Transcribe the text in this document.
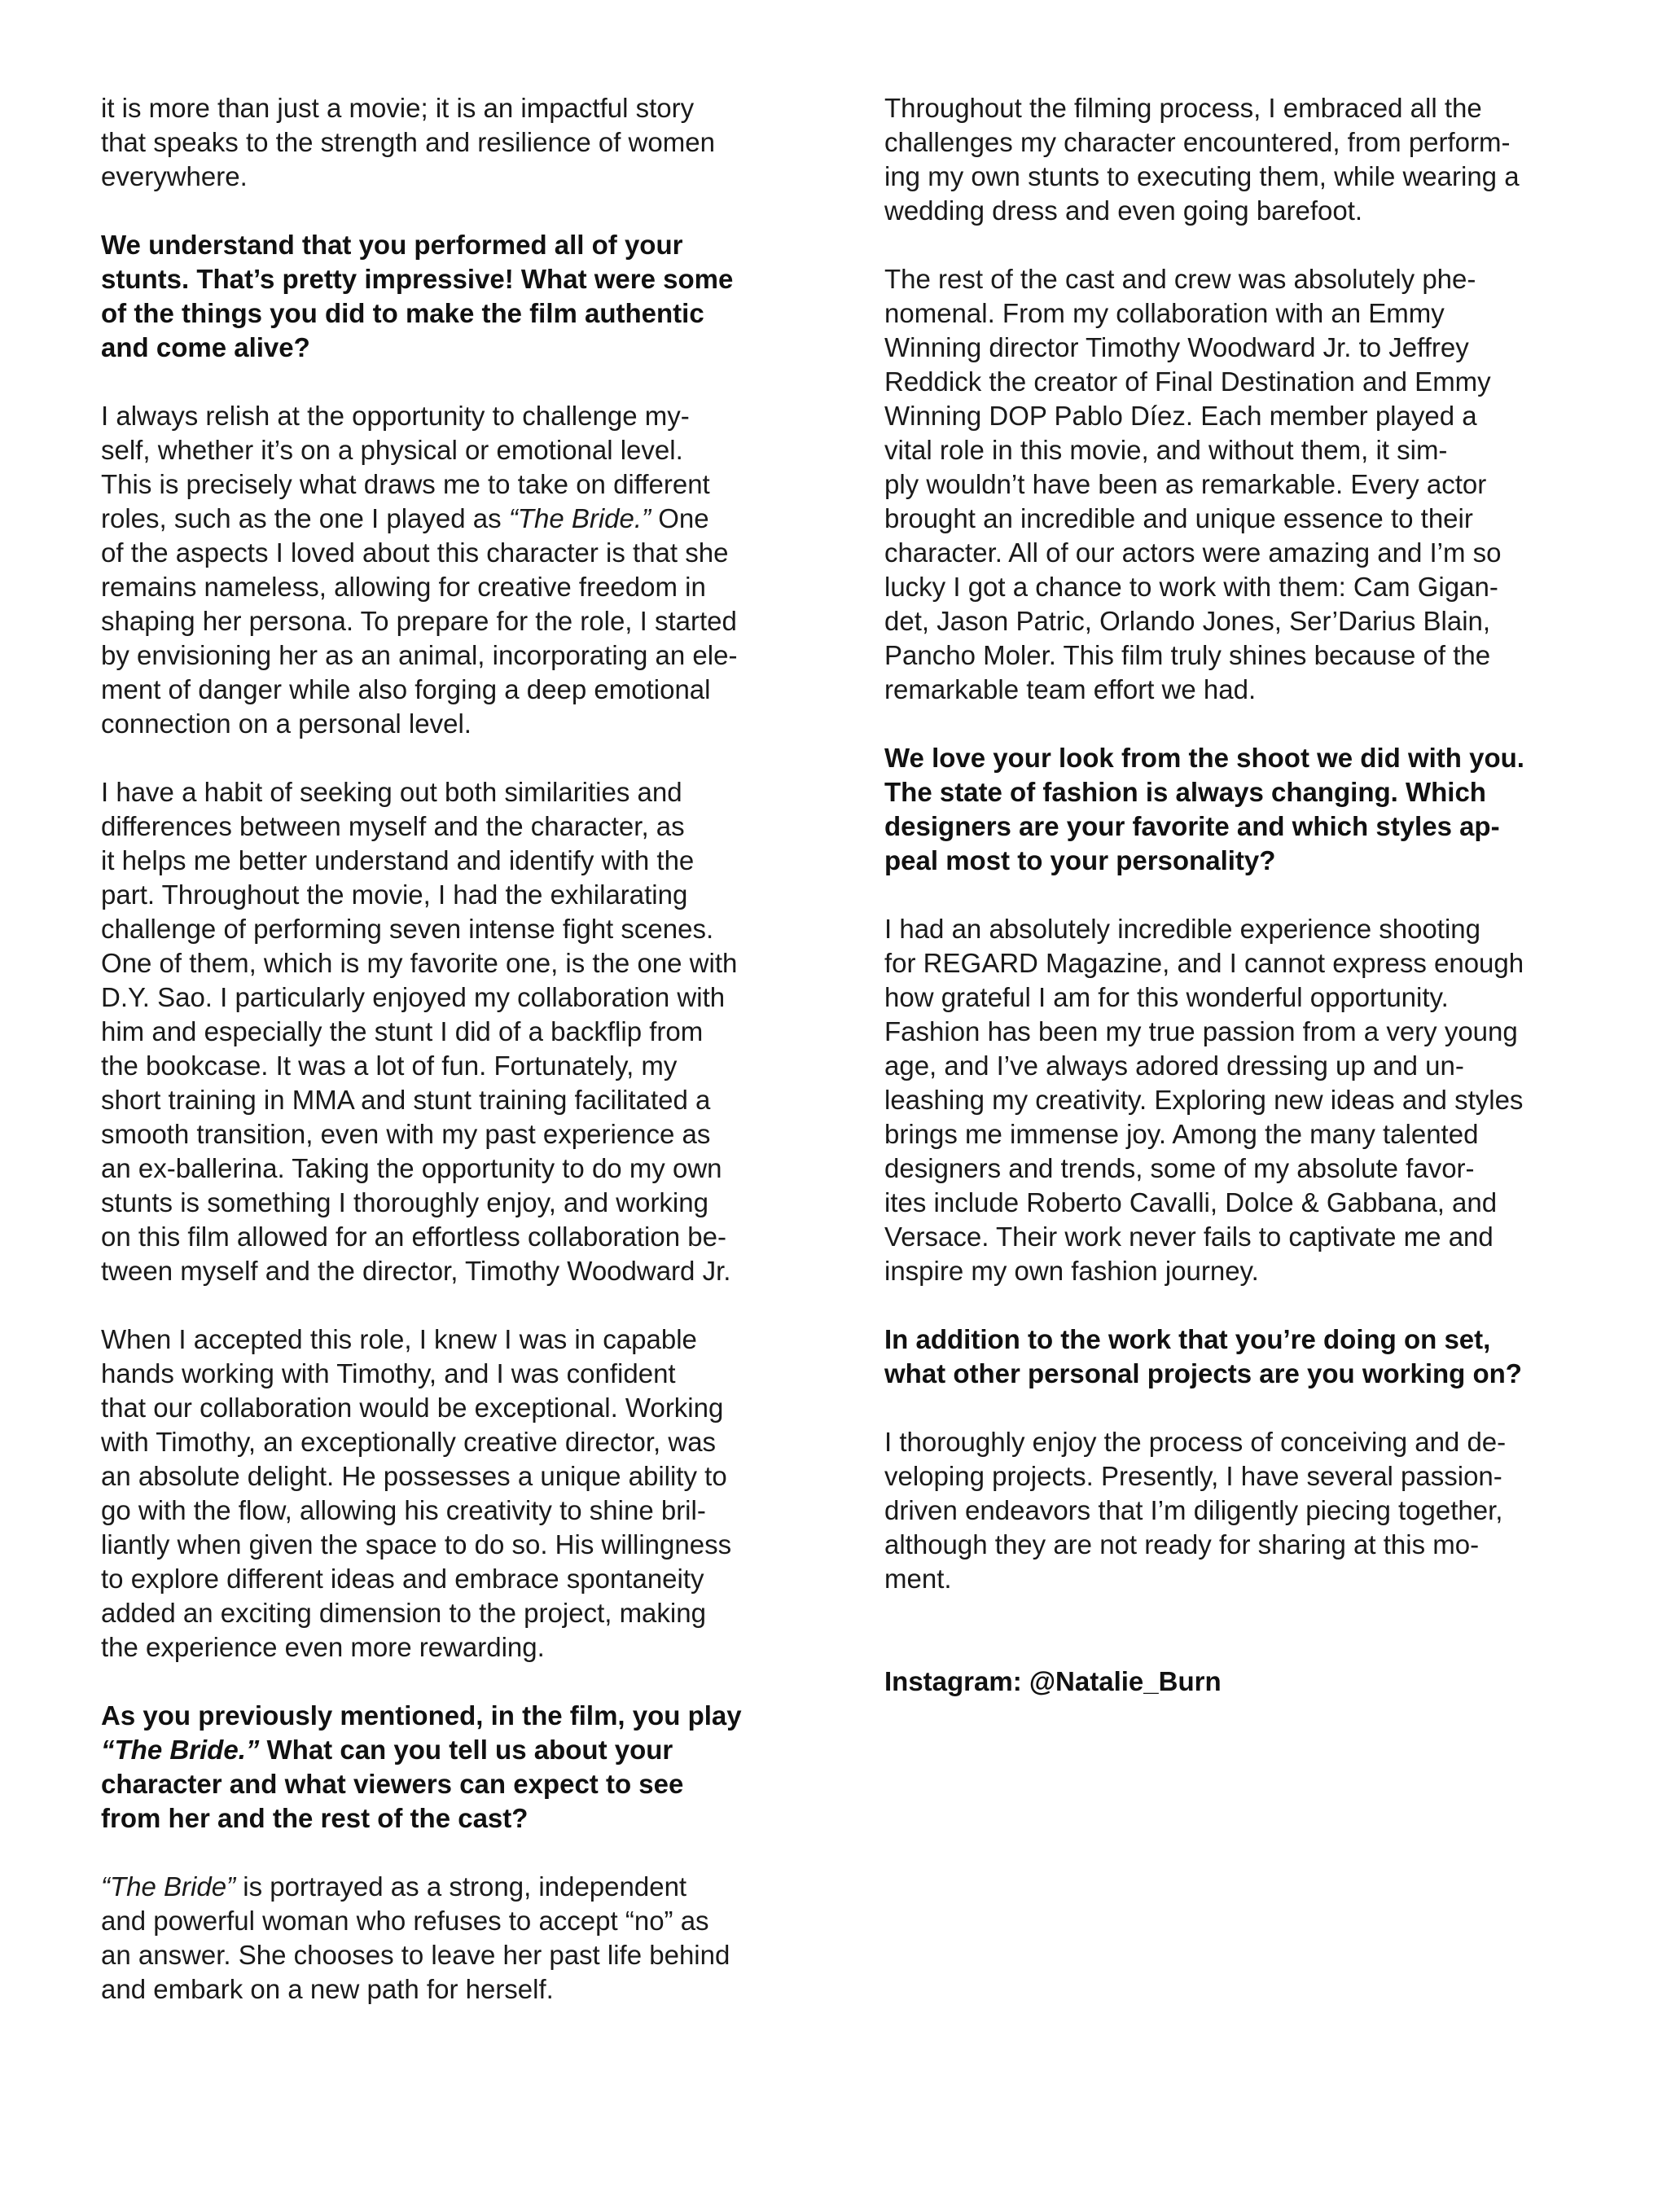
it is more than just a movie; it is an impactful story
that speaks to the strength and resilience of women
everywhere.
We understand that you performed all of your
stunts. That’s pretty impressive! What were some
of the things you did to make the film authentic
and come alive?
I always relish at the opportunity to challenge my-
self, whether it’s on a physical or emotional level.
This is precisely what draws me to take on different
roles, such as the one I played as “The Bride.” One
of the aspects I loved about this character is that she
remains nameless, allowing for creative freedom in
shaping her persona. To prepare for the role, I started
by envisioning her as an animal, incorporating an ele-
ment of danger while also forging a deep emotional
connection on a personal level.
I have a habit of seeking out both similarities and
differences between myself and the character, as
it helps me better understand and identify with the
part. Throughout the movie, I had the exhilarating
challenge of performing seven intense fight scenes.
One of them, which is my favorite one, is the one with
D.Y. Sao. I particularly enjoyed my collaboration with
him and especially the stunt I did of a backflip from
the bookcase. It was a lot of fun. Fortunately, my
short training in MMA and stunt training facilitated a
smooth transition, even with my past experience as
an ex-ballerina. Taking the opportunity to do my own
stunts is something I thoroughly enjoy, and working
on this film allowed for an effortless collaboration be-
tween myself and the director, Timothy Woodward Jr.
When I accepted this role, I knew I was in capable
hands working with Timothy, and I was confident
that our collaboration would be exceptional. Working
with Timothy, an exceptionally creative director, was
an absolute delight. He possesses a unique ability to
go with the flow, allowing his creativity to shine bril-
liantly when given the space to do so. His willingness
to explore different ideas and embrace spontaneity
added an exciting dimension to the project, making
the experience even more rewarding.
As you previously mentioned, in the film, you play
“The Bride.” What can you tell us about your
character and what viewers can expect to see
from her and the rest of the cast?
“The Bride” is portrayed as a strong, independent
and powerful woman who refuses to accept “no” as
an answer. She chooses to leave her past life behind
and embark on a new path for herself.
Throughout the filming process, I embraced all the
challenges my character encountered, from perform-
ing my own stunts to executing them, while wearing a
wedding dress and even going barefoot.
The rest of the cast and crew was absolutely phe-
nomenal. From my collaboration with an Emmy
Winning director Timothy Woodward Jr. to Jeffrey
Reddick the creator of Final Destination and Emmy
Winning DOP Pablo Díez. Each member played a
vital role in this movie, and without them, it sim-
ply wouldn’t have been as remarkable. Every actor
brought an incredible and unique essence to their
character. All of our actors were amazing and I’m so
lucky I got a chance to work with them: Cam Gigan-
det, Jason Patric, Orlando Jones, Ser’Darius Blain,
Pancho Moler. This film truly shines because of the
remarkable team effort we had.
We love your look from the shoot we did with you.
The state of fashion is always changing. Which
designers are your favorite and which styles ap-
peal most to your personality?
I had an absolutely incredible experience shooting
for REGARD Magazine, and I cannot express enough
how grateful I am for this wonderful opportunity.
Fashion has been my true passion from a very young
age, and I’ve always adored dressing up and un-
leashing my creativity. Exploring new ideas and styles
brings me immense joy. Among the many talented
designers and trends, some of my absolute favor-
ites include Roberto Cavalli, Dolce & Gabbana, and
Versace. Their work never fails to captivate me and
inspire my own fashion journey.
In addition to the work that you’re doing on set,
what other personal projects are you working on?
I thoroughly enjoy the process of conceiving and de-
veloping projects. Presently, I have several passion-
driven endeavors that I’m diligently piecing together,
although they are not ready for sharing at this mo-
ment.
Instagram: @Natalie_Burn
